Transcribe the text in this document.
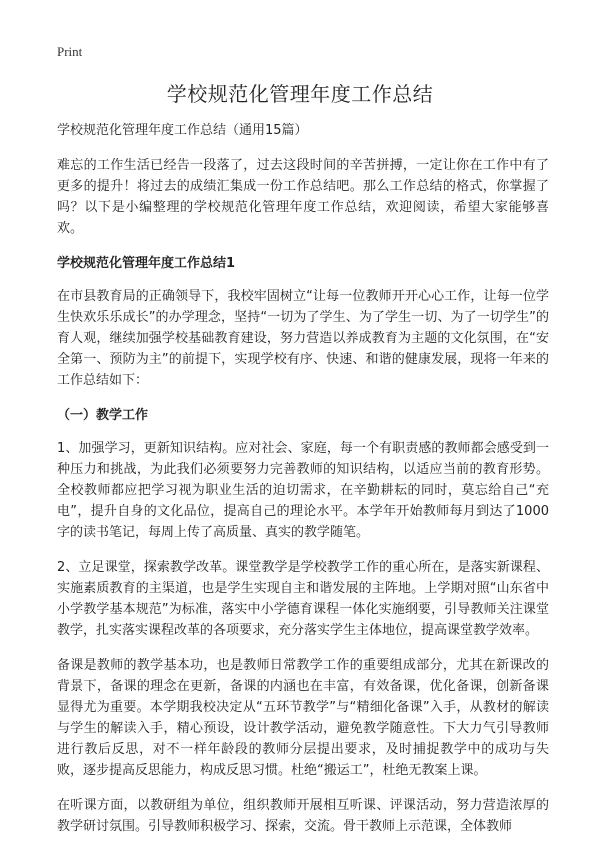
Print
学校规范化管理年度工作总结

学校规范化管理年度工作总结（通用15篇）

难忘的工作生活已经告一段落了，过去这段时间的辛苦拼搏，一定让你在工作中有了更多的提升！将过去的成绩汇集成一份工作总结吧。那么工作总结的格式，你掌握了吗？以下是小编整理的学校规范化管理年度工作总结，欢迎阅读，希望大家能够喜欢。

学校规范化管理年度工作总结1

在市县教育局的正确领导下，我校牢固树立“让每一位教师开开心心工作，让每一位学生快欢乐乐成长”的办学理念，坚持“一切为了学生、为了学生一切、为了一切学生”的育人观，继续加强学校基础教育建设，努力营造以养成教育为主题的文化氛围，在“安全第一、预防为主”的前提下，实现学校有序、快速、和谐的健康发展，现将一年来的工作总结如下：

（一）教学工作

1、加强学习，更新知识结构。应对社会、家庭，每一个有职责感的教师都会感受到一种压力和挑战，为此我们必须要努力完善教师的知识结构，以适应当前的教育形势。全校教师都应把学习视为职业生活的迫切需求，在辛勤耕耘的同时，莫忘给自己“充电”，提升自身的文化品位，提高自己的理论水平。本学年开始教师每月到达了1000字的读书笔记，每周上传了高质量、真实的教学随笔。

2、立足课堂，探索教学改革。课堂教学是学校教学工作的重心所在，是落实新课程、实施素质教育的主渠道，也是学生实现自主和谐发展的主阵地。上学期对照“山东省中小学教学基本规范”为标准，落实中小学德育课程一体化实施纲要，引导教师关注课堂教学，扎实落实课程改革的各项要求，充分落实学生主体地位，提高课堂教学效率。

备课是教师的教学基本功，也是教师日常教学工作的重要组成部分，尤其在新课改的背景下，备课的理念在更新，备课的内涵也在丰富，有效备课，优化备课，创新备课显得尤为重要。本学期我校决定从“五环节教学”与“精细化备课”入手，从教材的解读与学生的解读入手，精心预设，设计教学活动，避免教学随意性。下大力气引导教师进行教后反思，对不一样年龄段的教师分层提出要求，及时捕捉教学中的成功与失败，逐步提高反思能力，构成反思习惯。杜绝“搬运工”，杜绝无教案上课。

在听课方面，以教研组为单位，组织教师开展相互听课、评课活动，努力营造浓厚的教学研讨氛围。引导教师积极学习、探索，交流。骨干教师上示范课，全体教师
